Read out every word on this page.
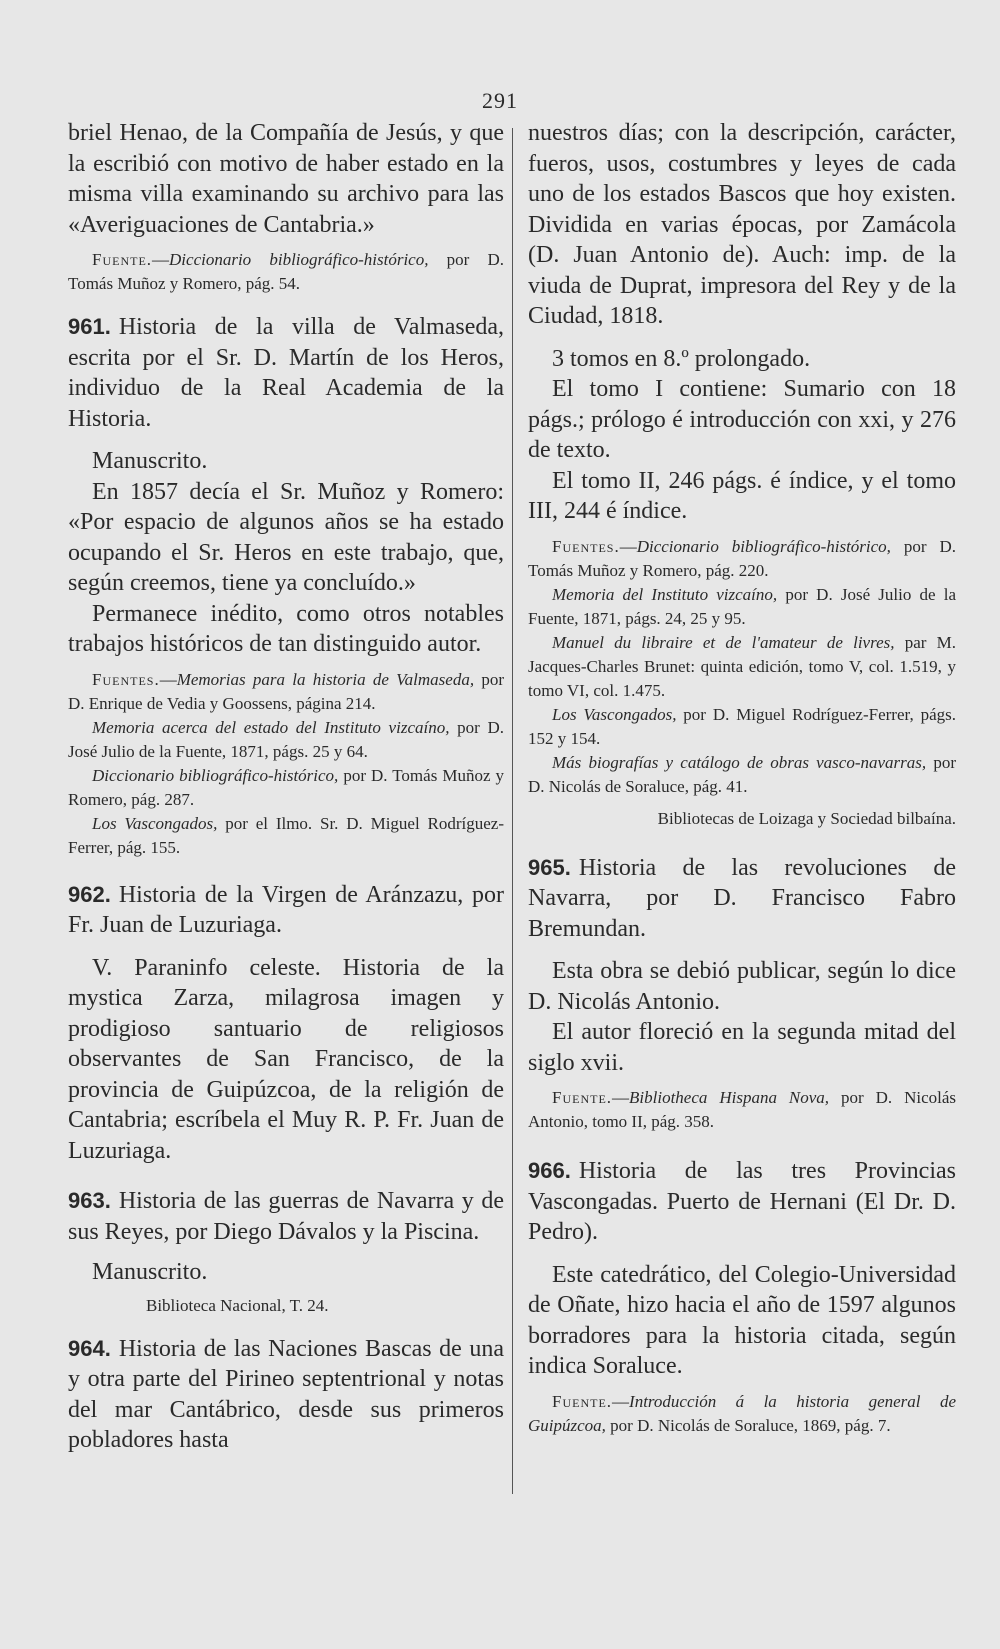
291

briel Henao, de la Compañía de Jesús, y que la escribió con motivo de haber estado en la misma villa examinando su archivo para las «Averiguaciones de Cantabria.»

Fuente.—Diccionario bibliográfico-histórico, por D. Tomás Muñoz y Romero, pág. 54.

961. Historia de la villa de Valmaseda, escrita por el Sr. D. Martín de los Heros, individuo de la Real Academia de la Historia.

Manuscrito.

En 1857 decía el Sr. Muñoz y Romero: «Por espacio de algunos años se ha estado ocupando el Sr. Heros en este trabajo, que, según creemos, tiene ya concluído.»

Permanece inédito, como otros notables trabajos históricos de tan distinguido autor.

Fuentes.—Memorias para la historia de Valmaseda, por D. Enrique de Vedia y Goossens, página 214.

Memoria acerca del estado del Instituto vizcaíno, por D. José Julio de la Fuente, 1871, págs. 25 y 64.

Diccionario bibliográfico-histórico, por D. Tomás Muñoz y Romero, pág. 287.

Los Vascongados, por el Ilmo. Sr. D. Miguel Rodríguez-Ferrer, pág. 155.

962. Historia de la Virgen de Aránzazu, por Fr. Juan de Luzuriaga.

V. Paraninfo celeste. Historia de la mystica Zarza, milagrosa imagen y prodigioso santuario de religiosos observantes de San Francisco, de la provincia de Guipúzcoa, de la religión de Cantabria; escríbela el Muy R. P. Fr. Juan de Luzuriaga.

963. Historia de las guerras de Navarra y de sus Reyes, por Diego Dávalos y la Piscina.

Manuscrito.

Biblioteca Nacional, T. 24.

964. Historia de las Naciones Bascas de una y otra parte del Pirineo septentrional y notas del mar Cantábrico, desde sus primeros pobladores hasta

nuestros días; con la descripción, carácter, fueros, usos, costumbres y leyes de cada uno de los estados Bascos que hoy existen. Dividida en varias épocas, por Zamácola (D. Juan Antonio de). Auch: imp. de la viuda de Duprat, impresora del Rey y de la Ciudad, 1818.

3 tomos en 8.º prolongado.

El tomo I contiene: Sumario con 18 págs.; prólogo é introducción con xxi, y 276 de texto.

El tomo II, 246 págs. é índice, y el tomo III, 244 é índice.

Fuentes.—Diccionario bibliográfico-histórico, por D. Tomás Muñoz y Romero, pág. 220.

Memoria del Instituto vizcaíno, por D. José Julio de la Fuente, 1871, págs. 24, 25 y 95.

Manuel du libraire et de l'amateur de livres, par M. Jacques-Charles Brunet: quinta edición, tomo V, col. 1.519, y tomo VI, col. 1.475.

Los Vascongados, por D. Miguel Rodríguez-Ferrer, págs. 152 y 154.

Más biografías y catálogo de obras vasco-navarras, por D. Nicolás de Soraluce, pág. 41.

Bibliotecas de Loizaga y Sociedad bilbaína.

965. Historia de las revoluciones de Navarra, por D. Francisco Fabro Bremundan.

Esta obra se debió publicar, según lo dice D. Nicolás Antonio.

El autor floreció en la segunda mitad del siglo xvii.

Fuente.—Bibliotheca Hispana Nova, por D. Nicolás Antonio, tomo II, pág. 358.

966. Historia de las tres Provincias Vascongadas. Puerto de Hernani (El Dr. D. Pedro).

Este catedrático, del Colegio-Universidad de Oñate, hizo hacia el año de 1597 algunos borradores para la historia citada, según indica Soraluce.

Fuente.—Introducción á la historia general de Guipúzcoa, por D. Nicolás de Soraluce, 1869, pág. 7.
